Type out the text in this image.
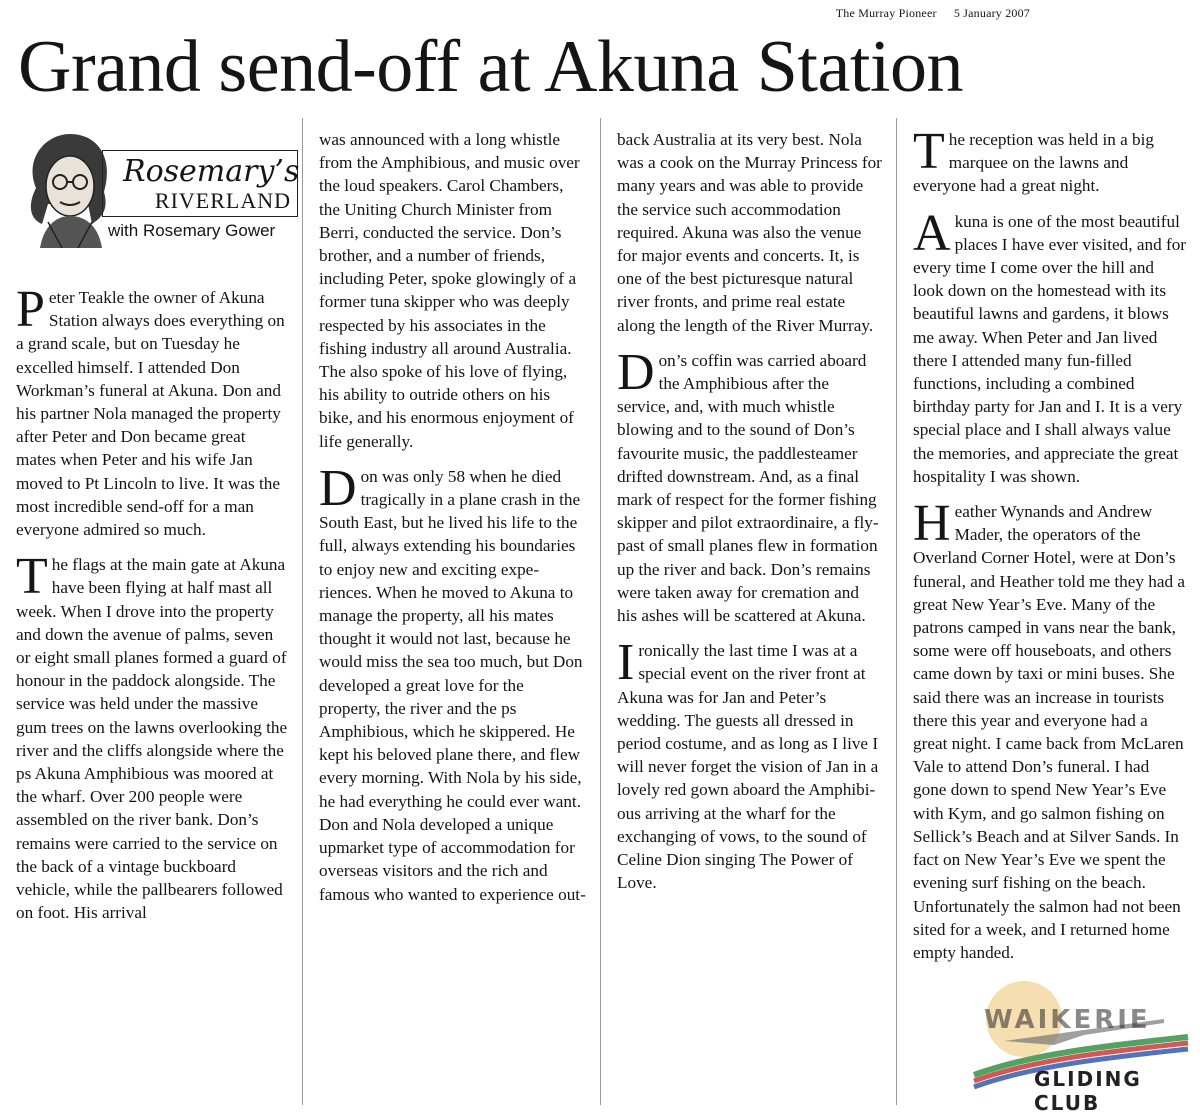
The Murray Pioneer 5 January 2007
Grand send-off at Akuna Station
Rosemary’s
RIVERLAND
with Rosemary Gower

Peter Teakle the owner of Akuna Station always does everything on a grand scale, but on Tuesday he excelled himself. I attended Don Workman’s funeral at Akuna. Don and his partner Nola managed the property after Peter and Don became great mates when Peter and his wife Jan moved to Pt Lincoln to live. It was the most incredible send-off for a man everyone admired so much.

The flags at the main gate at Akuna have been flying at half mast all week. When I drove into the property and down the avenue of palms, seven or eight small planes formed a guard of honour in the paddock alongside. The service was held under the massive gum trees on the lawns overlooking the river and the cliffs alongside where the ps Akuna Amphibious was moored at the wharf. Over 200 people were assembled on the river bank. Don’s remains were carried to the service on the back of a vintage buckboard vehicle, while the pallbearers followed on foot. His arrival

was announced with a long whistle from the Amphibious, and music over the loud speakers. Carol Chambers, the Uniting Church Minister from Berri, conducted the service. Don’s brother, and a number of friends, including Peter, spoke glowingly of a former tuna skipper who was deeply respected by his associates in the fishing industry all around Australia. The also spoke of his love of flying, his ability to outride others on his bike, and his enormous enjoyment of life generally.

Don was only 58 when he died tragically in a plane crash in the South East, but he lived his life to the full, always extending his boundaries to enjoy new and exciting experiences. When he moved to Akuna to manage the property, all his mates thought it would not last, because he would miss the sea too much, but Don developed a great love for the property, the river and the ps Amphibious, which he skippered. He kept his beloved plane there, and flew every morning. With Nola by his side, he had everything he could ever want. Don and Nola developed a unique upmarket type of accommodation for overseas visitors and the rich and famous who wanted to experience out-

back Australia at its very best. Nola was a cook on the Murray Princess for many years and was able to provide the service such accommodation required. Akuna was also the venue for major events and concerts. It, is one of the best picturesque natural river fronts, and prime real estate along the length of the River Murray.

Don’s coffin was carried aboard the Amphibious after the service, and, with much whistle blowing and to the sound of Don’s favourite music, the paddlesteamer drifted downstream. And, as a final mark of respect for the former fishing skipper and pilot extraordinaire, a fly-past of small planes flew in formation up the river and back. Don’s remains were taken away for cremation and his ashes will be scattered at Akuna.

Ironically the last time I was at a special event on the river front at Akuna was for Jan and Peter’s wedding. The guests all dressed in period costume, and as long as I live I will never forget the vision of Jan in a lovely red gown aboard the Amphibious arriving at the wharf for the exchanging of vows, to the sound of Celine Dion singing The Power of Love.

The reception was held in a big marquee on the lawns and everyone had a great night.

Akuna is one of the most beautiful places I have ever visited, and for every time I come over the hill and look down on the homestead with its beautiful lawns and gardens, it blows me away. When Peter and Jan lived there I attended many fun-filled functions, including a combined birthday party for Jan and I. It is a very special place and I shall always value the memories, and appreciate the great hospitality I was shown.

Heather Wynands and Andrew Mader, the operators of the Overland Corner Hotel, were at Don’s funeral, and Heather told me they had a great New Year’s Eve. Many of the patrons camped in vans near the bank, some were off houseboats, and others came down by taxi or mini buses. She said there was an increase in tourists there this year and everyone had a great night. I came back from McLaren Vale to attend Don’s funeral. I had gone down to spend New Year’s Eve with Kym, and go salmon fishing on Sellick’s Beach and at Silver Sands. In fact on New Year’s Eve we spent the evening surf fishing on the beach. Unfortunately the salmon had not been sited for a week, and I returned home empty handed.

WAIKERIE
GLIDING CLUB
